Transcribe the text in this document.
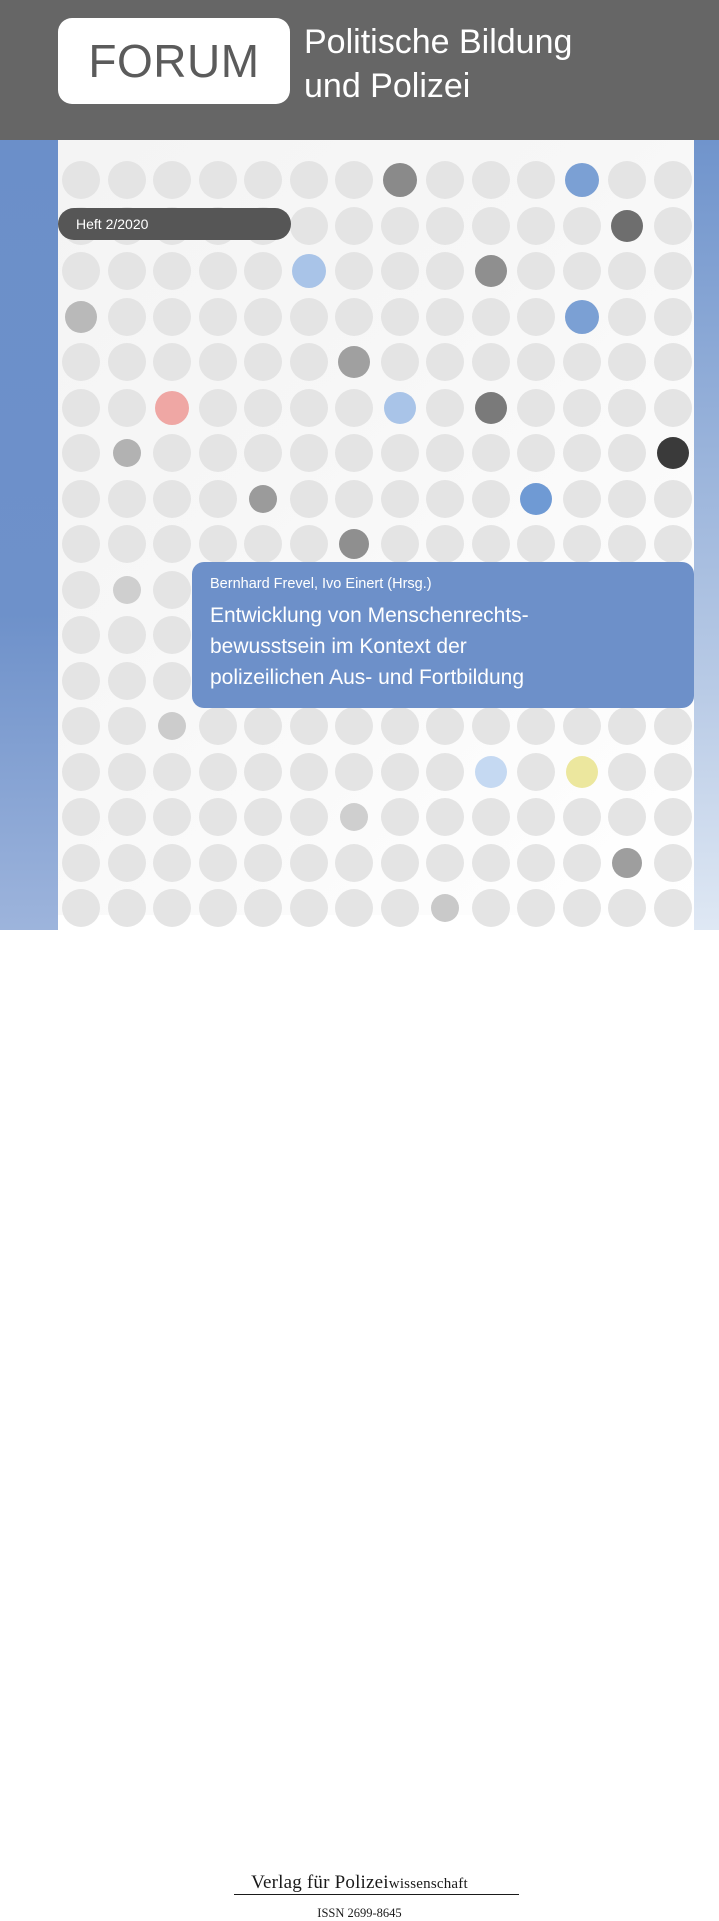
FORUM Politische Bildung
und Polizei
Heft 2/2020
Bernhard Frevel, Ivo Einert (Hrsg.)
Entwicklung von Menschenrechts-
bewusstsein im Kontext der
polizeilichen Aus- und Fortbildung
Verlag für Polizeiwissenschaft
ISSN 2699-8645
